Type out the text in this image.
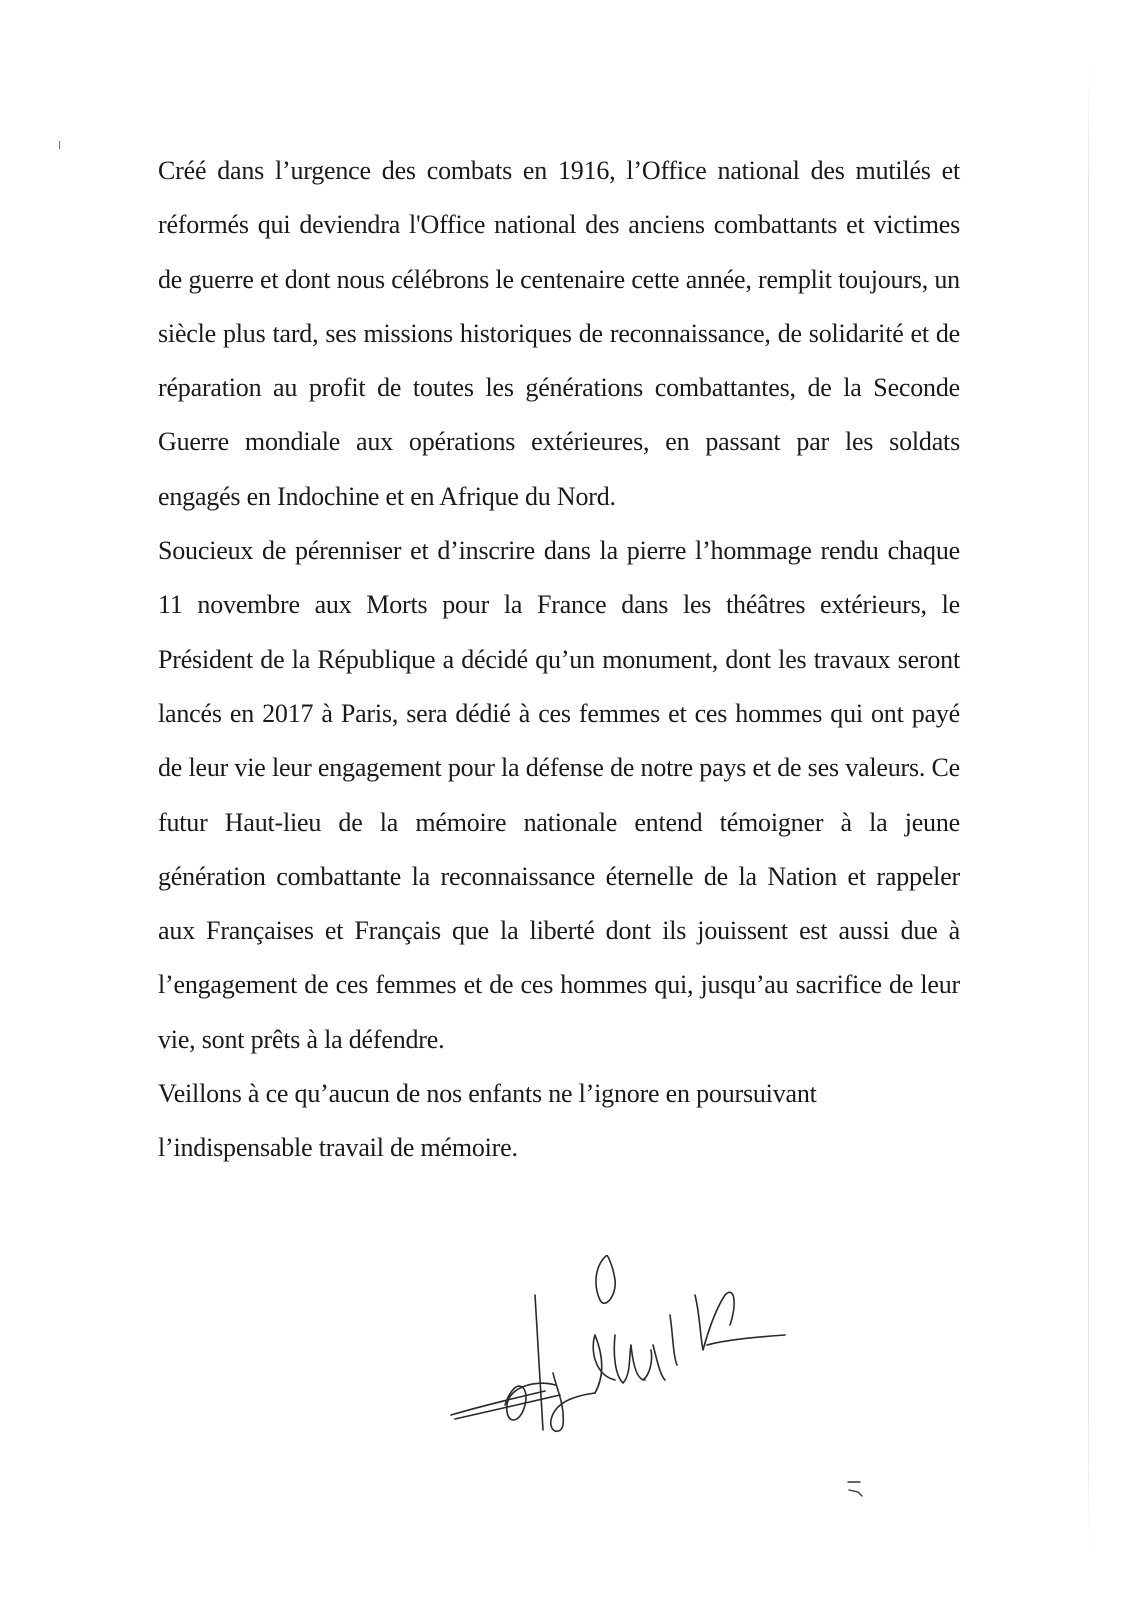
Créé dans l’urgence des combats en 1916, l’Office national des mutilés et réformés qui deviendra l'Office national des anciens combattants et victimes de guerre et dont nous célébrons le centenaire cette année, remplit toujours, un siècle plus tard, ses missions historiques de reconnaissance, de solidarité et de réparation au profit de toutes les générations combattantes, de la Seconde Guerre mondiale aux opérations extérieures, en passant par les soldats engagés en Indochine et en Afrique du Nord.

Soucieux de pérenniser et d’inscrire dans la pierre l’hommage rendu chaque 11 novembre aux Morts pour la France dans les théâtres extérieurs, le Président de la République a décidé qu’un monument, dont les travaux seront lancés en 2017 à Paris, sera dédié à ces femmes et ces hommes qui ont payé de leur vie leur engagement pour la défense de notre pays et de ses valeurs. Ce futur Haut-lieu de la mémoire nationale entend témoigner à la jeune génération combattante la reconnaissance éternelle de la Nation et rappeler aux Françaises et Français que la liberté dont ils jouissent est aussi due à l’engagement de ces femmes et de ces hommes qui, jusqu’au sacrifice de leur vie, sont prêts à la défendre.

Veillons à ce qu’aucun de nos enfants ne l’ignore en poursuivant l’indispensable travail de mémoire.
